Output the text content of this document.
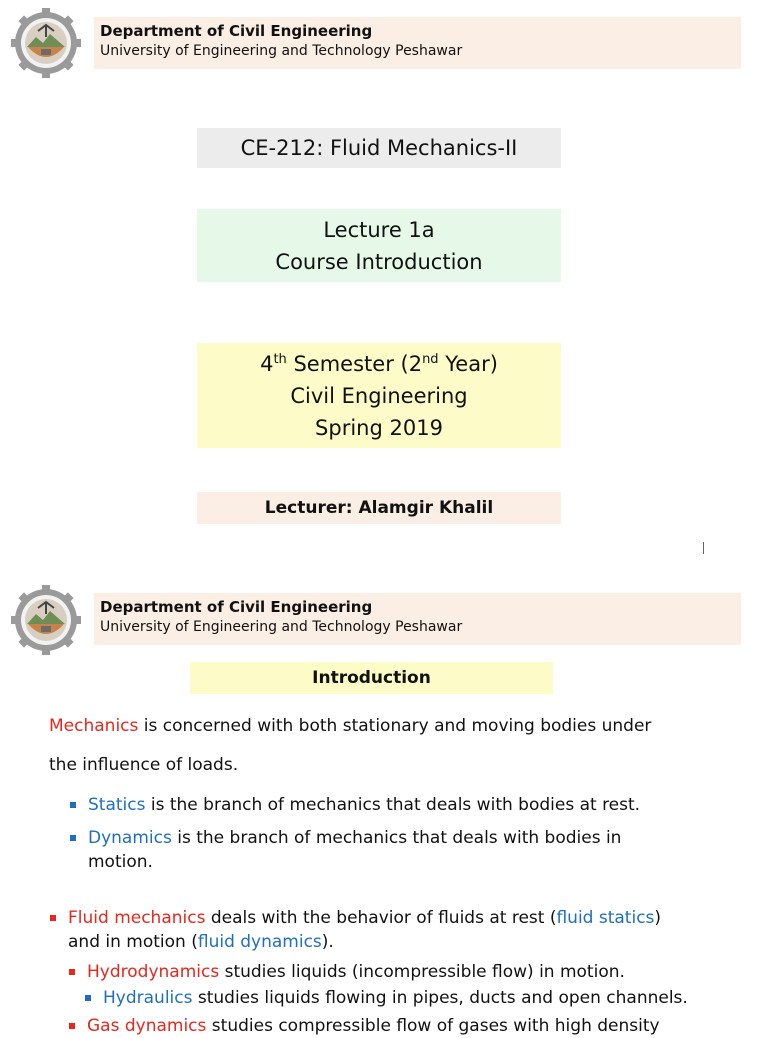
Department of Civil Engineering
University of Engineering and Technology Peshawar
CE-212: Fluid Mechanics-II
Lecture 1a
Course Introduction
4th Semester (2nd Year)
Civil Engineering
Spring 2019
Lecturer: Alamgir Khalil
Department of Civil Engineering
University of Engineering and Technology Peshawar
Introduction
Mechanics is concerned with both stationary and moving bodies under
the influence of loads.
Statics is the branch of mechanics that deals with bodies at rest.
Dynamics is the branch of mechanics that deals with bodies in
motion.
Fluid mechanics deals with the behavior of fluids at rest (fluid statics)
and in motion (fluid dynamics).
Hydrodynamics studies liquids (incompressible flow) in motion.
Hydraulics studies liquids flowing in pipes, ducts and open channels.
Gas dynamics studies compressible flow of gases with high density
